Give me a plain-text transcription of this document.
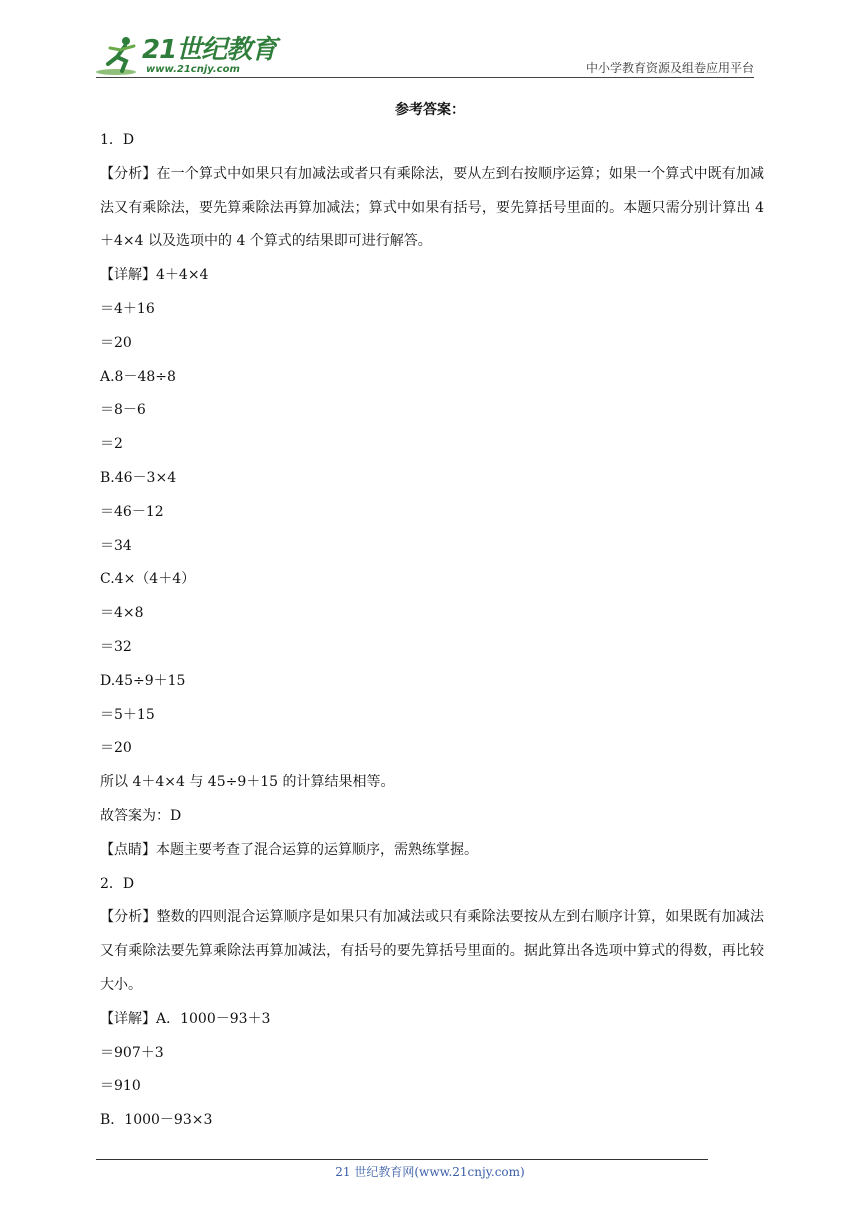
21世纪教育
www.21cnjy.com	中小学教育资源及组卷应用平台
参考答案：
1．D
【分析】在一个算式中如果只有加减法或者只有乘除法，要从左到右按顺序运算；如果一个算式中既有加减法又有乘除法，要先算乘除法再算加减法；算式中如果有括号，要先算括号里面的。本题只需分别计算出 4＋4×4 以及选项中的 4 个算式的结果即可进行解答。
【详解】4＋4×4
＝4＋16
＝20
A.8－48÷8
＝8－6
＝2
B.46－3×4
＝46－12
＝34
C.4×（4＋4）
＝4×8
＝32
D.45÷9＋15
＝5＋15
＝20
所以 4＋4×4 与 45÷9＋15 的计算结果相等。
故答案为：D
【点睛】本题主要考查了混合运算的运算顺序，需熟练掌握。
2．D
【分析】整数的四则混合运算顺序是如果只有加减法或只有乘除法要按从左到右顺序计算，如果既有加减法又有乘除法要先算乘除法再算加减法，有括号的要先算括号里面的。据此算出各选项中算式的得数，再比较大小。
【详解】A．1000－93＋3
＝907＋3
＝910
B．1000－93×3
21 世纪教育网(www.21cnjy.com)
